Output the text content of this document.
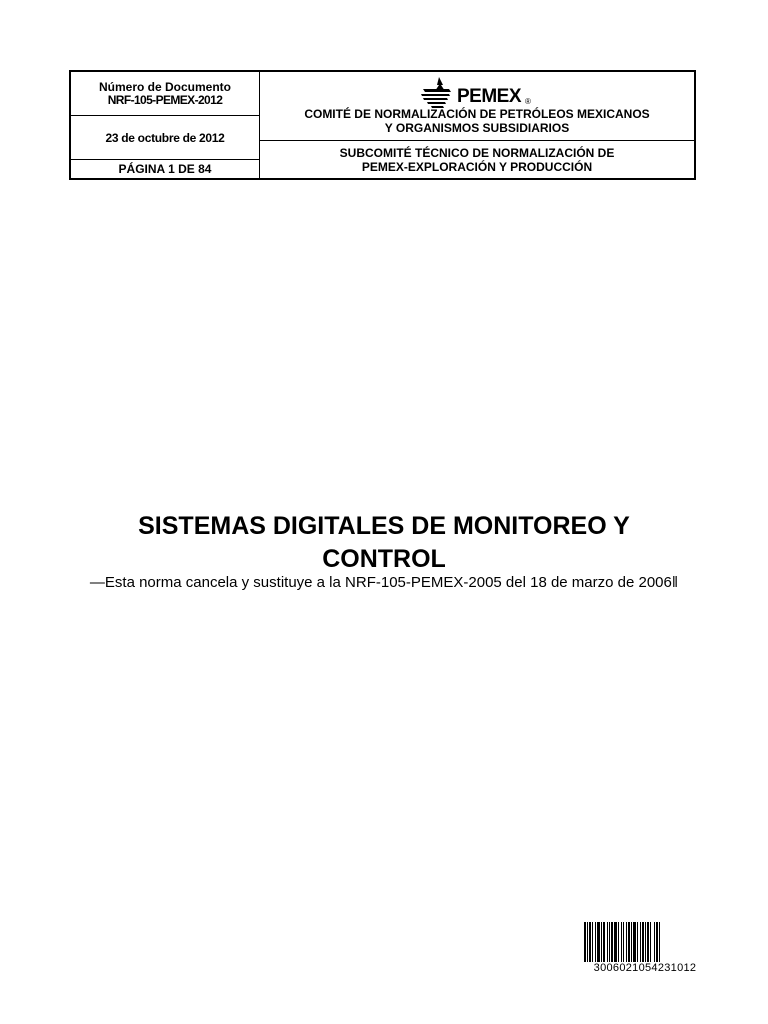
Número de Documento
NRF-105-PEMEX-2012
23 de octubre de 2012
PÁGINA 1 DE 84
PEMEX ®
COMITÉ DE NORMALIZACIÓN DE PETRÓLEOS MEXICANOS
Y ORGANISMOS SUBSIDIARIOS
SUBCOMITÉ TÉCNICO DE NORMALIZACIÓN DE
PEMEX-EXPLORACIÓN Y PRODUCCIÓN
SISTEMAS DIGITALES DE MONITOREO Y
CONTROL
―Esta norma cancela y sustituye a la NRF-105-PEMEX-2005 del 18 de marzo de 2006‖
3006021054231012
